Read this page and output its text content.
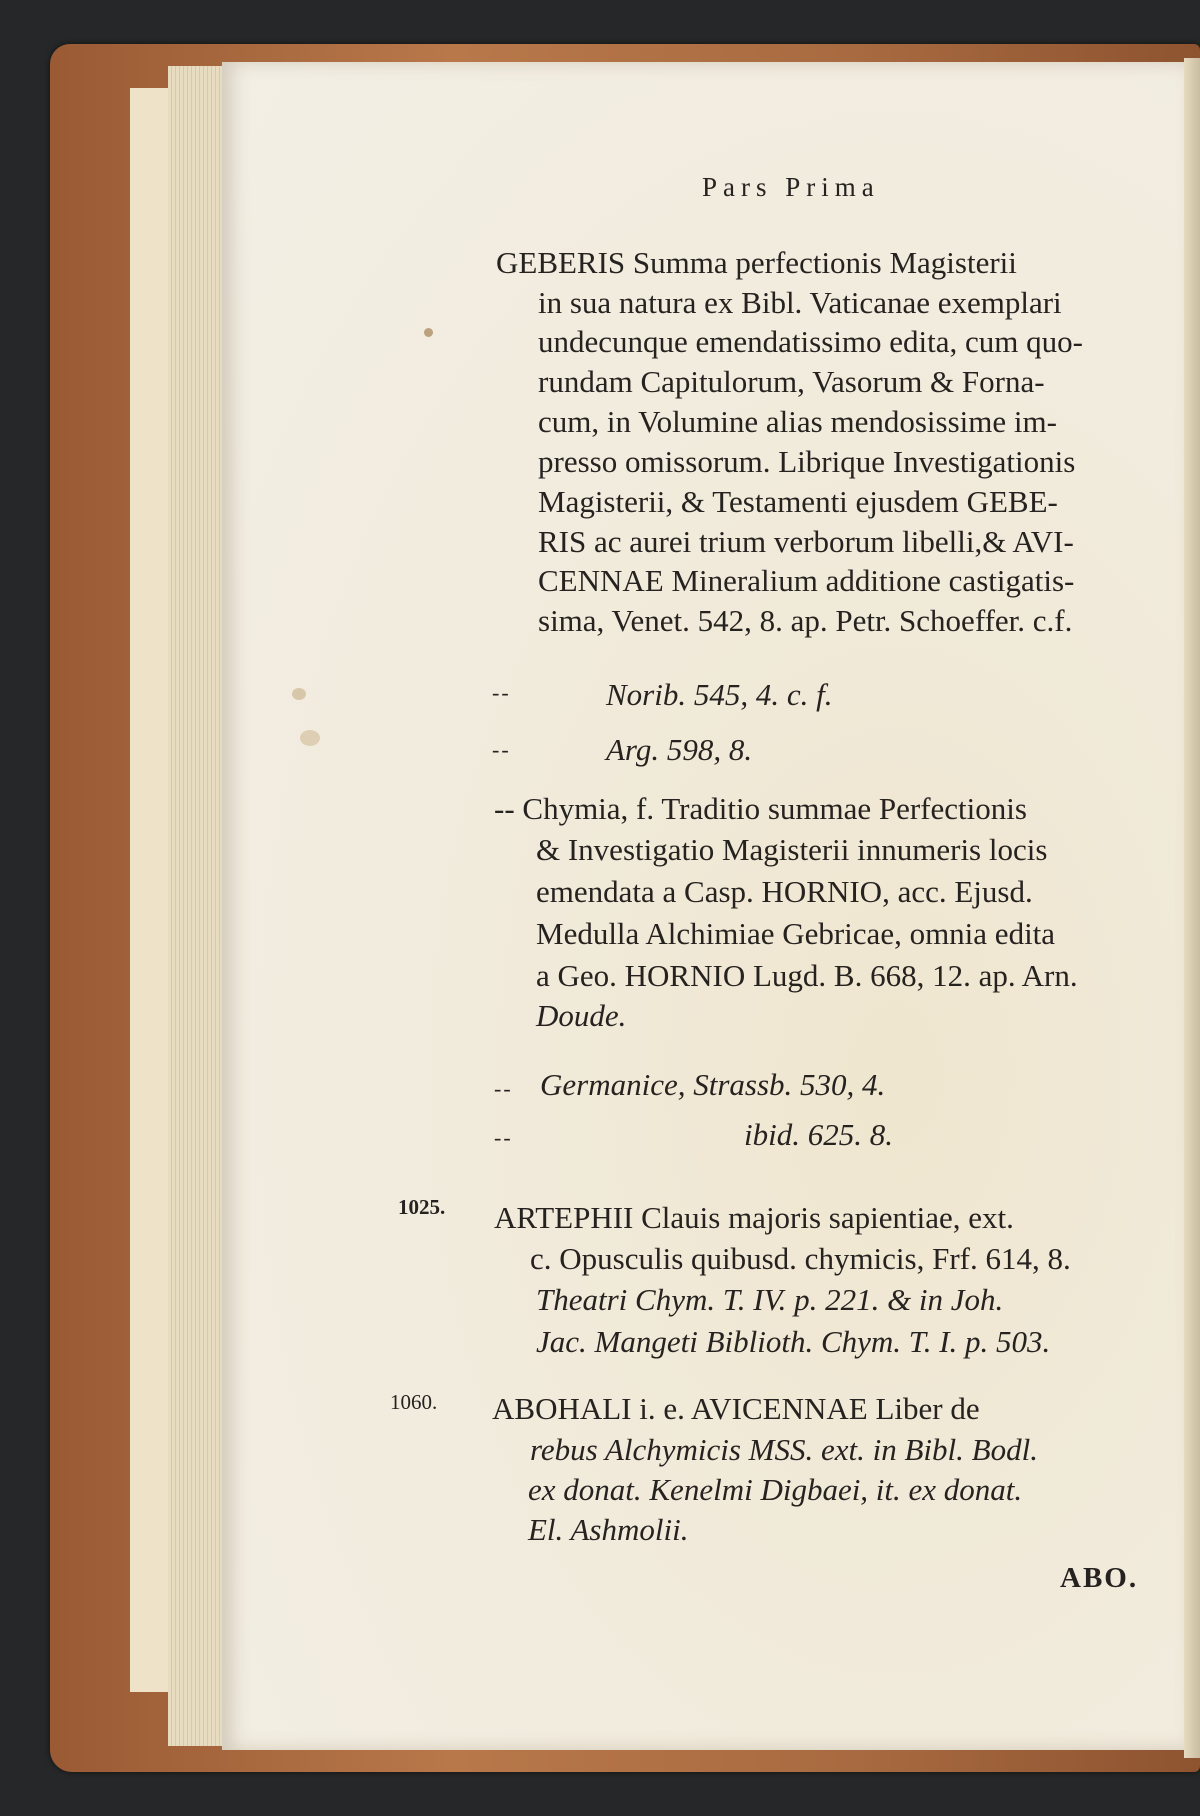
Pars Prima
GEBERIS Summa perfectionis Magisterii
in sua natura ex Bibl. Vaticanae exemplari
undecunque emendatissimo edita, cum quo-
rundam Capitulorum, Vasorum & Forna-
cum, in Volumine alias mendosissime im-
presso omissorum. Librique Investigationis
Magisterii, & Testamenti ejusdem GEBE-
RIS ac aurei trium verborum libelli,& AVI-
CENNAE Mineralium additione castigatis-
sima, Venet. 542, 8. ap. Petr. Schoeffer. c.f.
--	Norib. 545, 4. c. f.
--	Arg. 598, 8.
-- Chymia, f. Traditio summae Perfectionis
& Investigatio Magisterii innumeris locis
emendata a Casp. HORNIO, acc. Ejusd.
Medulla Alchimiae Gebricae, omnia edita
a Geo. HORNIO Lugd. B. 668, 12. ap. Arn.
Doude.
-- Germanice, Strassb. 530, 4.
--	ibid. 625. 8.
1025. ARTEPHII Clauis majoris sapientiae, ext.
c. Opusculis quibusd. chymicis, Frf. 614, 8.
Theatri Chym. T. IV. p. 221. & in Joh.
Jac. Mangeti Biblioth. Chym. T. I. p. 503.
1060. ABOHALI i. e. AVICENNAE Liber de
rebus Alchymicis MSS. ext. in Bibl. Bodl.
ex donat. Kenelmi Digbaei, it. ex donat.
El. Ashmolii.
ABO.
